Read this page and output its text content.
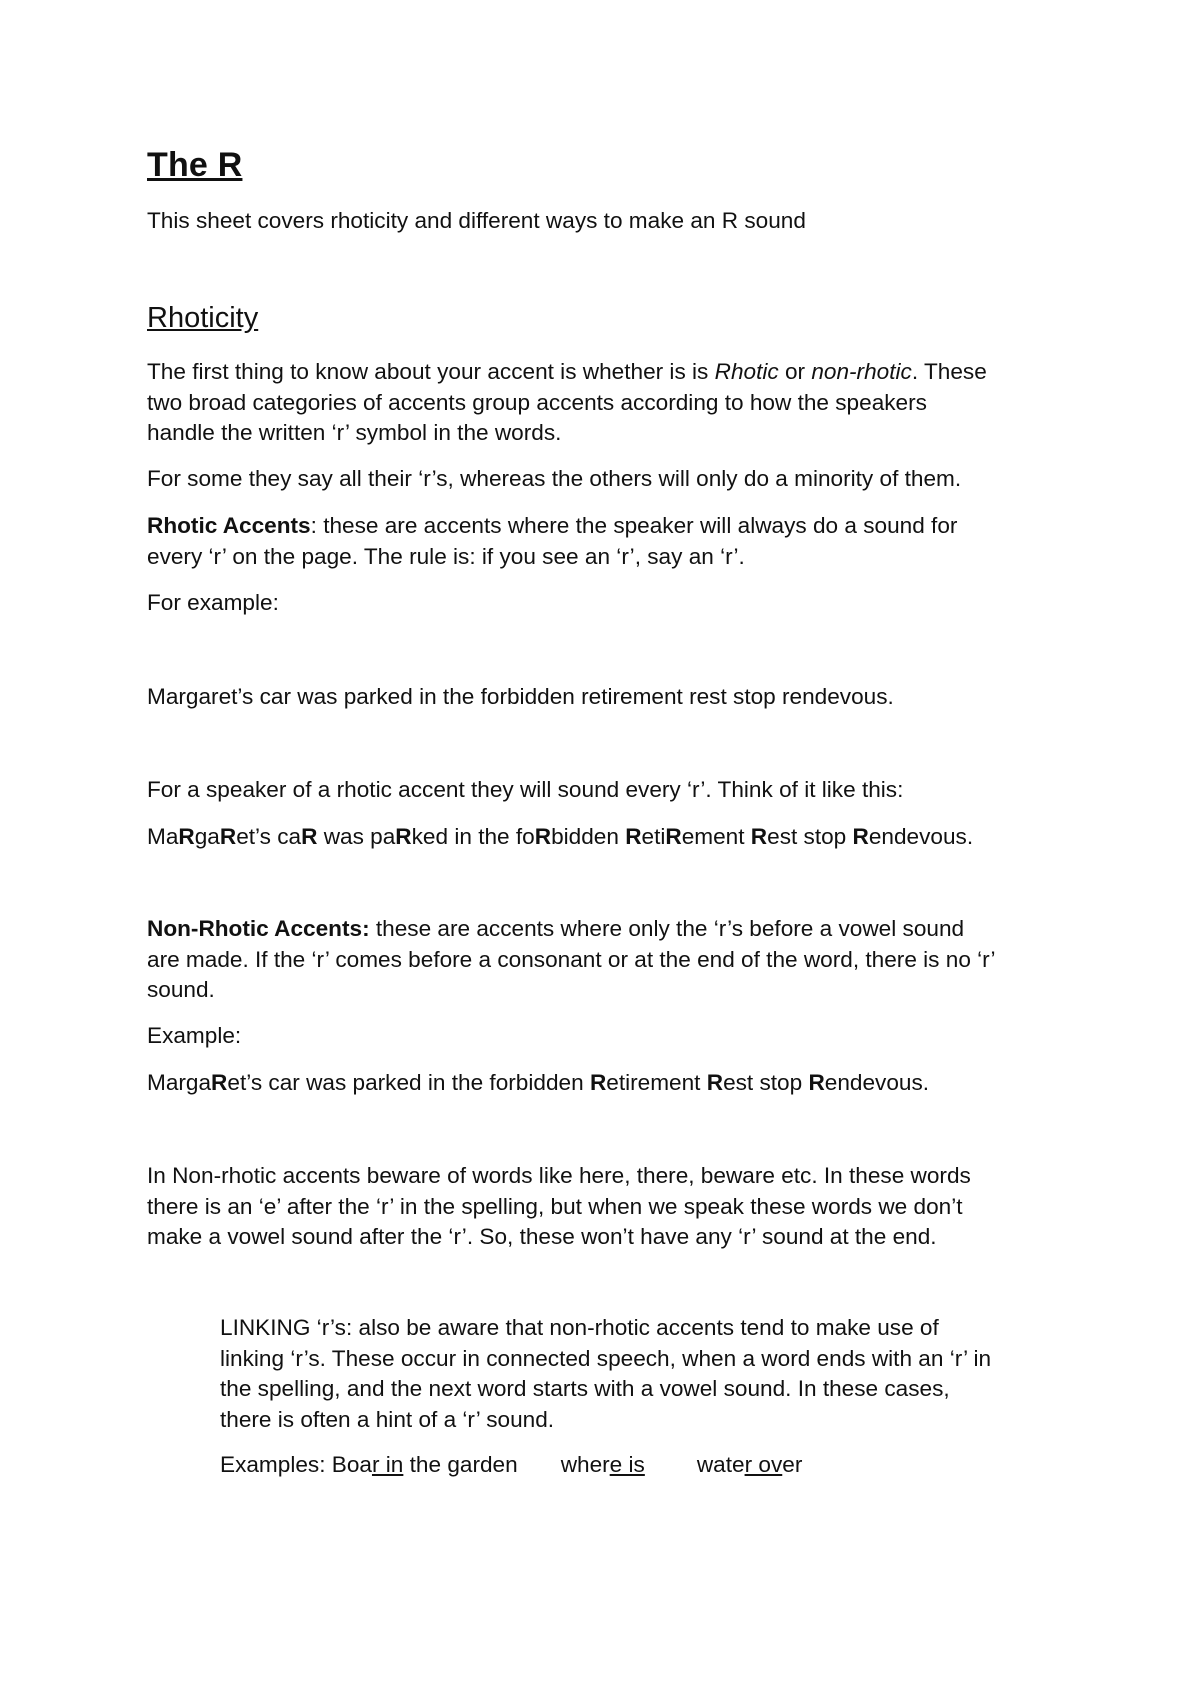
The R

This sheet covers rhoticity and different ways to make an R sound

Rhoticity

The first thing to know about your accent is whether is is Rhotic or non-rhotic. These
two broad categories of accents group accents according to how the speakers
handle the written ‘r’ symbol in the words.

For some they say all their ‘r’s, whereas the others will only do a minority of them.

Rhotic Accents: these are accents where the speaker will always do a sound for
every ‘r’ on the page. The rule is: if you see an ‘r’, say an ‘r’.

For example:

Margaret’s car was parked in the forbidden retirement rest stop rendevous.

For a speaker of a rhotic accent they will sound every ‘r’. Think of it like this:

MaRgaRet’s caR was paRked in the foRbidden RetiRement Rest stop Rendevous.

Non-Rhotic Accents: these are accents where only the ‘r’s before a vowel sound
are made. If the ‘r’ comes before a consonant or at the end of the word, there is no ‘r’
sound.

Example:

MargaRet’s car was parked in the forbidden Retirement Rest stop Rendevous.

In Non-rhotic accents beware of words like here, there, beware etc. In these words
there is an ‘e’ after the ‘r’ in the spelling, but when we speak these words we don’t
make a vowel sound after the ‘r’. So, these won’t have any ‘r’ sound at the end.

LINKING ‘r’s: also be aware that non-rhotic accents tend to make use of
linking ‘r’s. These occur in connected speech, when a word ends with an ‘r’ in
the spelling, and the next word starts with a vowel sound. In these cases,
there is often a hint of a ‘r’ sound.

Examples: Boar in the garden where is water over
